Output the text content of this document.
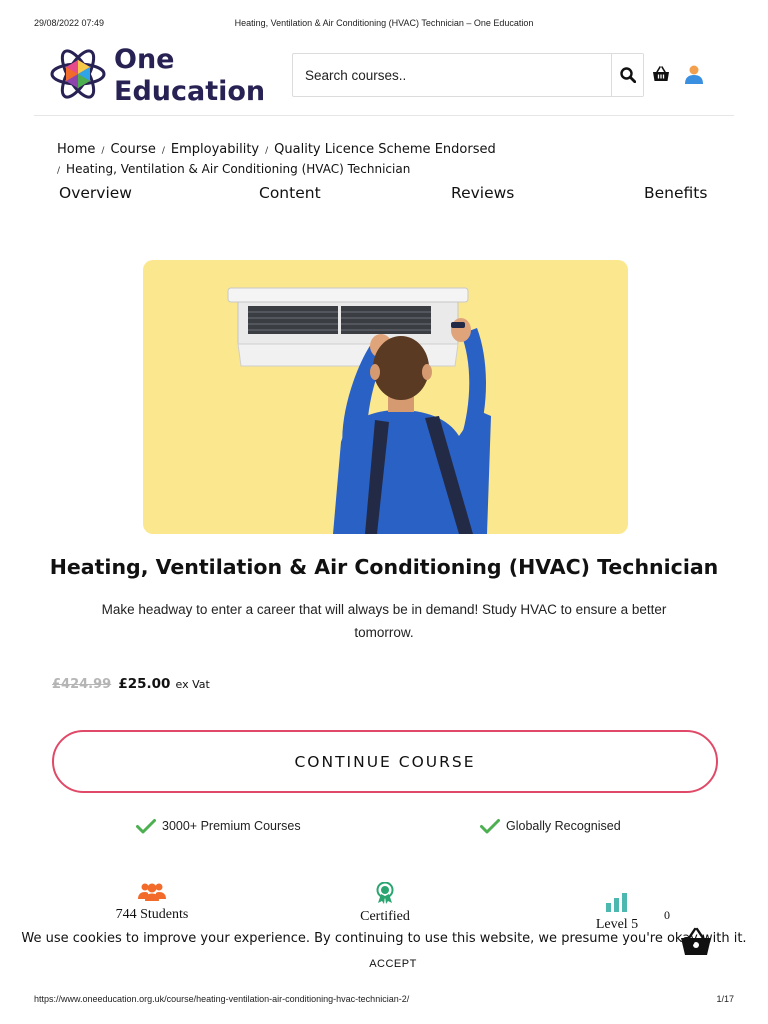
29/08/2022 07:49	Heating, Ventilation & Air Conditioning (HVAC) Technician – One Education
One
Education
Search courses..
Home / Course / Employability / Quality Licence Scheme Endorsed
/ Heating, Ventilation & Air Conditioning (HVAC) Technician
Overview	Content	Reviews	Benefits
Heating, Ventilation & Air Conditioning (HVAC) Technician

Make headway to enter a career that will always be in demand! Study HVAC to ensure a better tomorrow.

£424.99 £25.00 ex Vat
CONTINUE COURSE
3000+ Premium Courses	Globally Recognised
744 Students	Certified
Level 5
0
We use cookies to improve your experience. By continuing to use this website, we presume you're okay with it. ACCEPT
https://www.oneeducation.org.uk/course/heating-ventilation-air-conditioning-hvac-technician-2/	1/17
